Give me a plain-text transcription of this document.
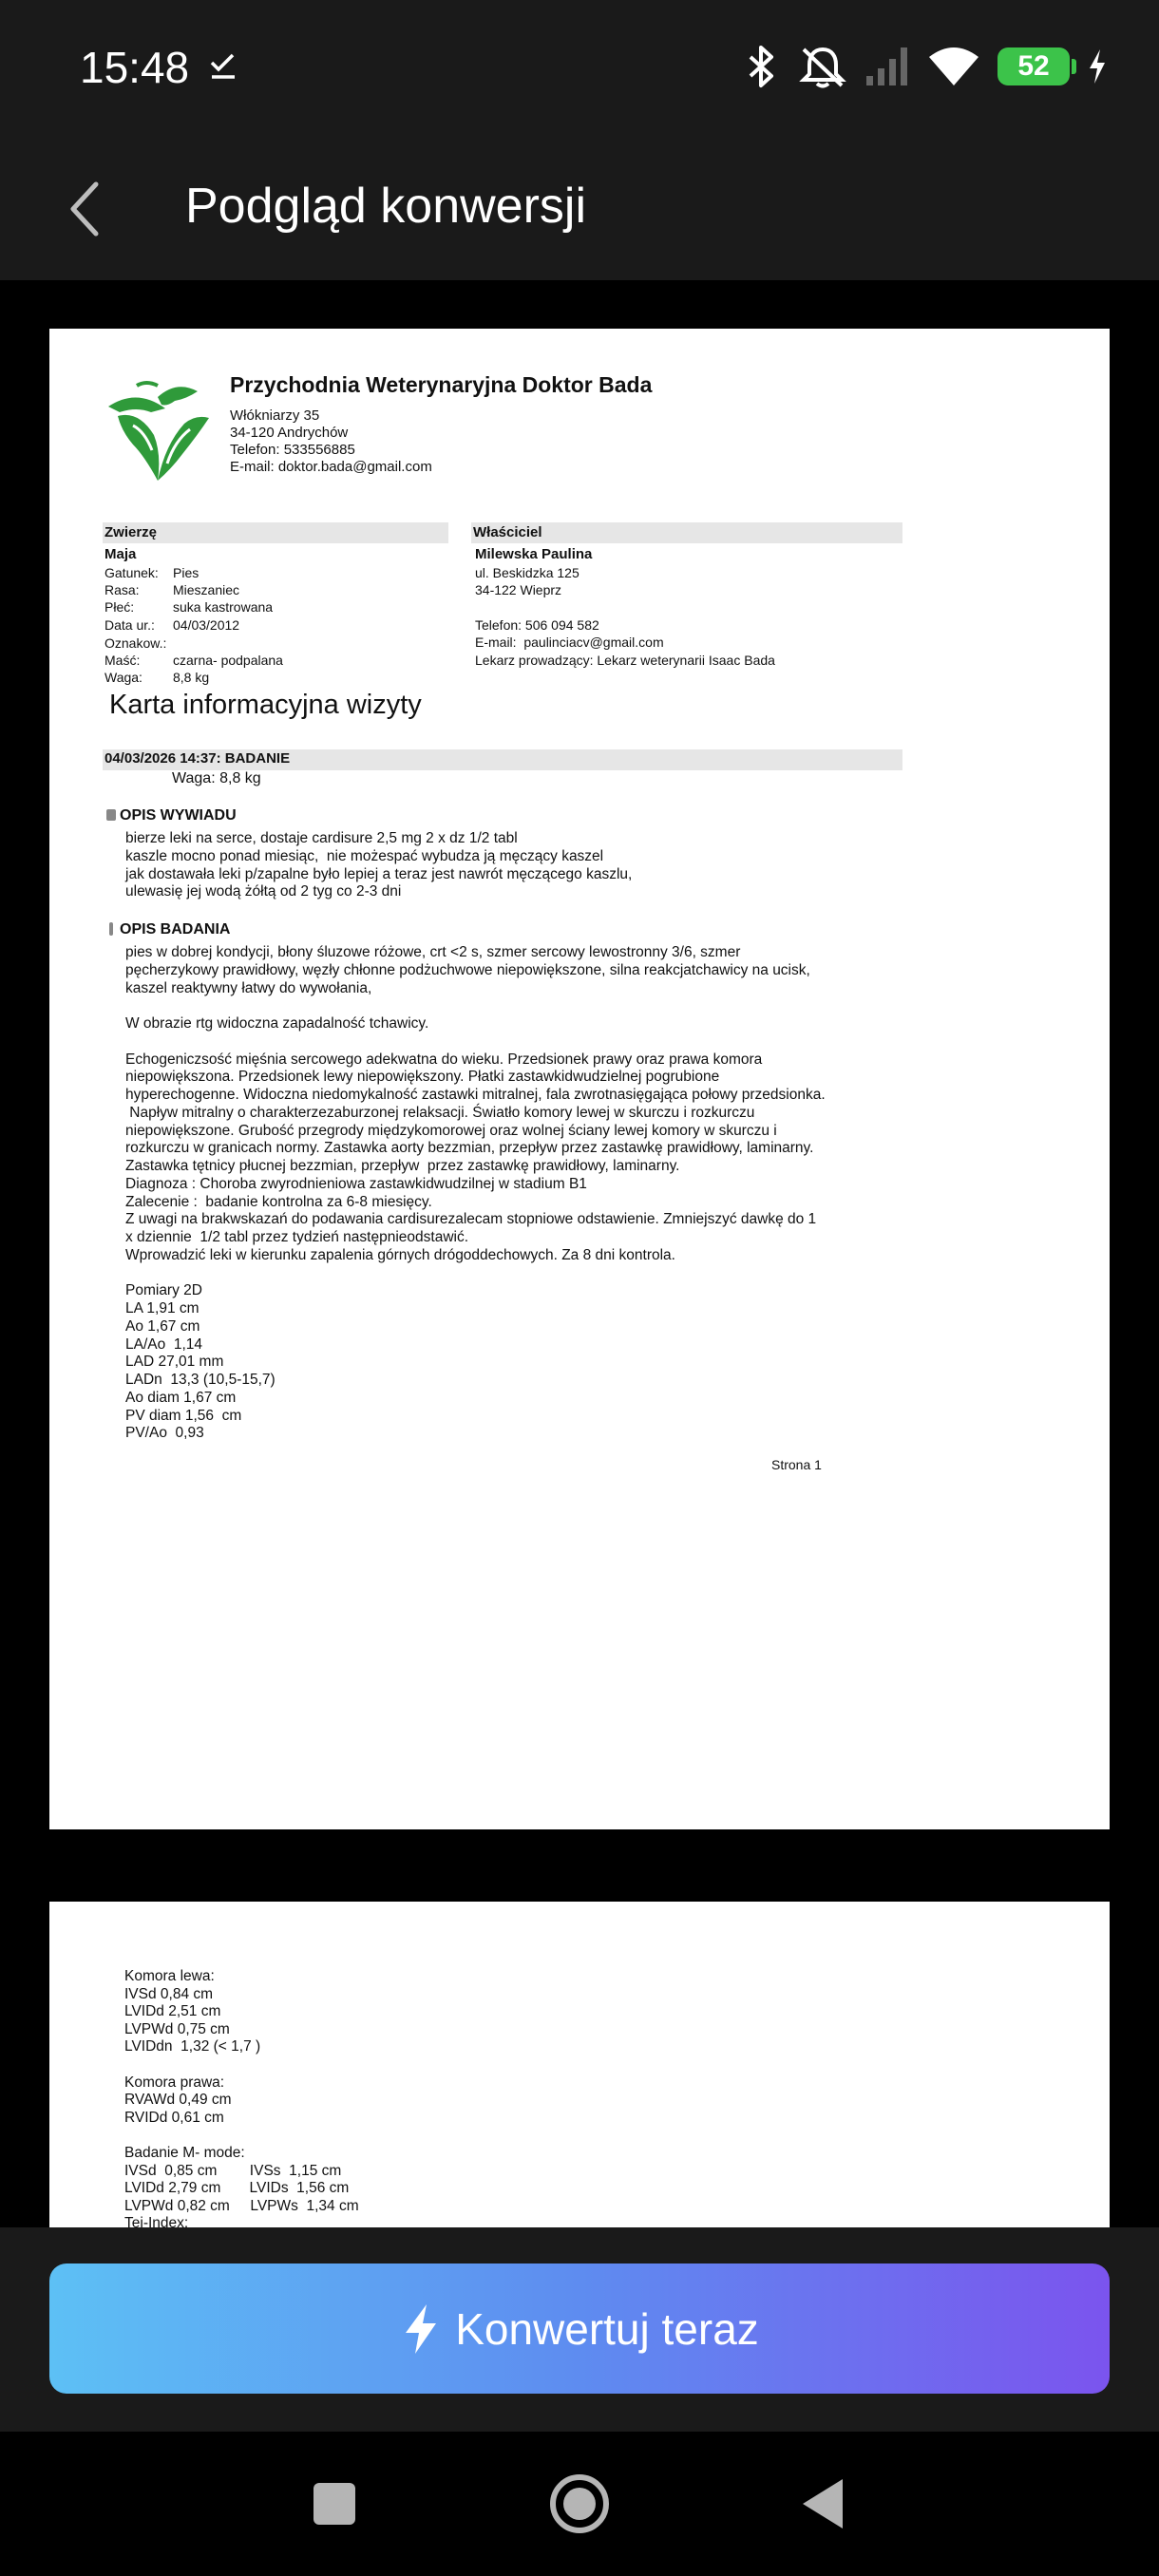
15:48	52
Podgląd konwersji
Przychodnia Weterynaryjna Doktor Bada
Włókniarzy 35
34-120 Andrychów
Telefon: 533556885
E-mail: doktor.bada@gmail.com
Zwierzę
Maja
Gatunek: Pies
Rasa:	Mieszaniec
Płeć:	suka kastrowana
Data ur.: 04/03/2012
Oznakow.:
Maść: czarna- podpalana
Waga: 8,8 kg
Właściciel
Milewska Paulina
ul. Beskidzka 125
34-122 Wieprz
Telefon: 506 094 582
E-mail:  paulinciacv@gmail.com
Lekarz prowadzący: Lekarz weterynarii Isaac Bada
Karta informacyjna wizyty
04/03/2026 14:37: BADANIE
Waga: 8,8 kg
OPIS WYWIADU
bierze leki na serce, dostaje cardisure 2,5 mg 2 x dz 1/2 tabl
kaszle mocno ponad miesiąc,  nie możespać wybudza ją męczący kaszel
jak dostawała leki p/zapalne było lepiej a teraz jest nawrót męczącego kaszlu,
ulewasię jej wodą żółtą od 2 tyg co 2-3 dni
OPIS BADANIA
pies w dobrej kondycji, błony śluzowe różowe, crt <2 s, szmer sercowy lewostronny 3/6, szmer
pęcherzykowy prawidłowy, węzły chłonne podżuchwowe niepowiększone, silna reakcjatchawicy na ucisk,
kaszel reaktywny łatwy do wywołania,
W obrazie rtg widoczna zapadalność tchawicy.
Echogeniczsość mięśnia sercowego adekwatna do wieku. Przedsionek prawy oraz prawa komora
niepowiększona. Przedsionek lewy niepowiększony. Płatki zastawkidwudzielnej pogrubione
hyperechogenne. Widoczna niedomykalność zastawki mitralnej, fala zwrotnasięgająca połowy przedsionka.
Napływ mitralny o charakterzezaburzonej relaksacji. Światło komory lewej w skurczu i rozkurczu
niepowiększone. Grubość przegrody międzykomorowej oraz wolnej ściany lewej komory w skurczu i
rozkurczu w granicach normy. Zastawka aorty bezzmian, przepływ przez zastawkę prawidłowy, laminarny.
Zastawka tętnicy płucnej bezzmian, przepływ  przez zastawkę prawidłowy, laminarny.
Diagnoza : Choroba zwyrodnieniowa zastawkidwudzilnej w stadium B1
Zalecenie :  badanie kontrolna za 6-8 miesięcy.
Z uwagi na brakwskazań do podawania cardisurezalecam stopniowe odstawienie. Zmniejszyć dawkę do 1
x dziennie  1/2 tabl przez tydzień następnieodstawić.
Wprowadzić leki w kierunku zapalenia górnych drógoddechowych. Za 8 dni kontrola.
Pomiary 2D
LA 1,91 cm
Ao 1,67 cm
LA/Ao  1,14
LAD 27,01 mm
LADn  13,3 (10,5-15,7)
Ao diam 1,67 cm
PV diam 1,56  cm
PV/Ao  0,93
Strona 1
Komora lewa:
IVSd 0,84 cm
LVIDd 2,51 cm
LVPWd 0,75 cm
LVIDdn  1,32 (< 1,7 )
Komora prawa:
RVAWd 0,49 cm
RVIDd 0,61 cm
Badanie M- mode:
IVSd  0,85 cm        IVSs  1,15 cm
LVIDd 2,79 cm       LVIDs  1,56 cm
LVPWd 0,82 cm     LVPWs  1,34 cm
Tei-Index:
Konwertuj teraz
